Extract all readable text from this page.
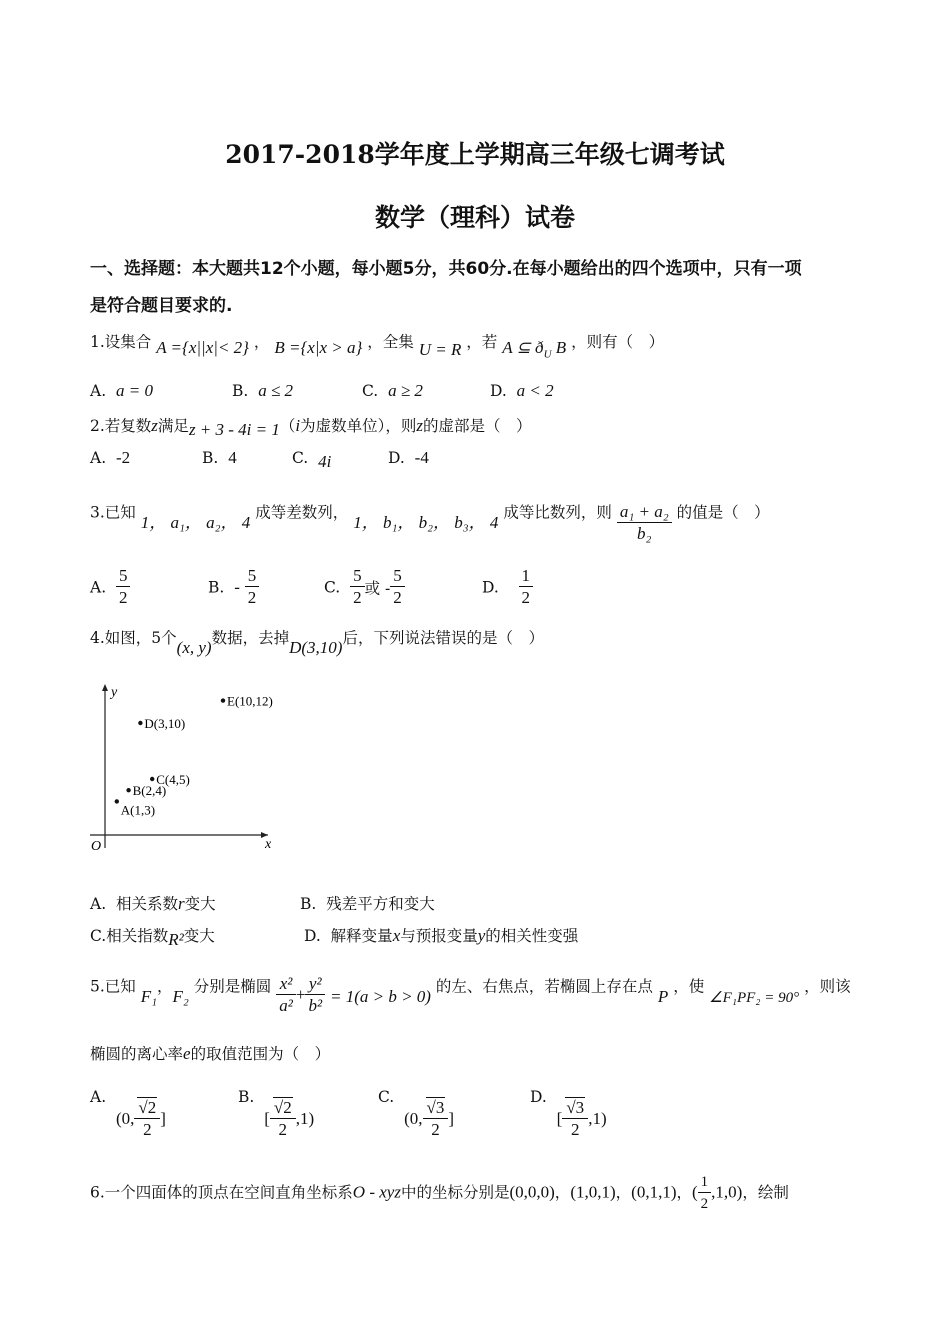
2017-2018学年度上学期高三年级七调考试
数学（理科）试卷
一、选择题：本大题共12个小题，每小题5分，共60分.在每小题给出的四个选项中，只有一项
是符合题目要求的.
1.设集合 A ={x||x|< 2} ， B ={x|x > a} ，全集 U = R ，若 A ⊆ $ð_U$ B ，则有（　）
A. a = 0	B. a ≤ 2	C. a ≥ 2	D. a < 2
2.若复数z满足z + 3 - 4i = 1（i为虚数单位），则z的虚部是（　）
A. -2	B. 4	C. 4i	D. -4
3.已知 1， a₁， a₂， 4 成等差数列， 1， b₁， b₂， b₃， 4 成等比数列，则 $\frac{\text{a₁ + a₂}}{\text{b₂}}$ 的值是（　）
A. $\frac{5}{2}$	B. - $\frac{5}{2}$	C. $\frac{5}{2}$ 或 - $\frac{5}{2}$	D. $\frac{1}{2}$
4.如图，5个(x, y)数据，去掉D(3,10)后，下列说法错误的是（　）
x
y
O
A(1,3)
B(2,4)
C(4,5)
D(3,10)
E(10,12)
A. 相关系数r变大	B. 残差平方和变大
C.相关指数R²变大	D. 解释变量x与预报变量y的相关性变强
5.已知 F₁，F₂ 分别是椭圆 $\frac{\text{x²}}{\text{a²}} + \frac{\text{y²}}{\text{b²}} = 1(a > b > 0)$ 的左、右焦点，若椭圆上存在点 P ，使 ∠F₁PF₂ = 90° ，则该
椭圆的离心率e的取值范围为（　）
A.  (0, $\frac{√2}{2}$ ]
B.  [ $\frac{√2}{2} ,1$)
C.  (0, $\frac{√3}{2}$ ]
D.  [ $\frac{√3}{2} ,1$)
6.一个四面体的顶点在空间直角坐标系O - xyz中的坐标分别是(0,0,0)，(1,0,1)，(0,1,1)，( $\frac{1}{2} ,1,0$)，绘制
